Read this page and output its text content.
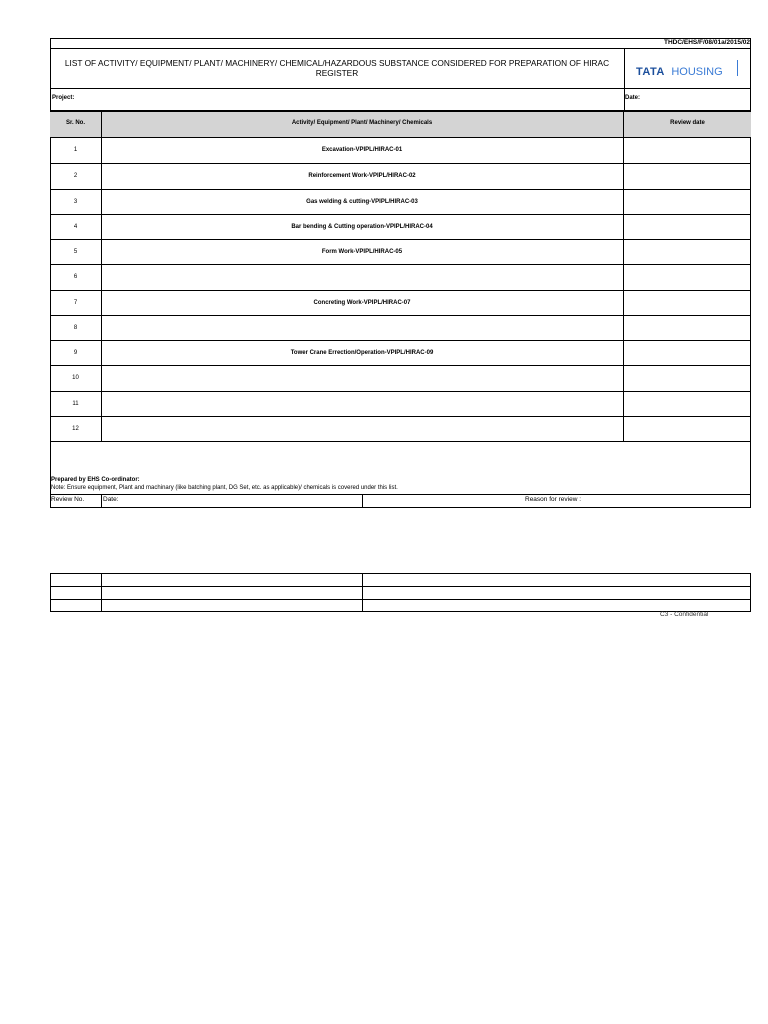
THDC/EHS/F/08/01a/2015/02
LIST OF ACTIVITY/ EQUIPMENT/ PLANT/ MACHINERY/ CHEMICAL/HAZARDOUS SUBSTANCE CONSIDERED FOR PREPARATION OF HIRAC
REGISTER	TATA HOUSING
Project:	Date:
Sr. No.	Activity/ Equipment/ Plant/ Machinery/ Chemicals	Review date
1	Excavation-VPIPL/HIRAC-01
2	Reinforcement Work-VPIPL/HIRAC-02
3	Gas welding & cutting-VPIPL/HIRAC-03
4	Bar bending & Cutting operation-VPIPL/HIRAC-04
5	Form Work-VPIPL/HIRAC-05
6
7	Concreting Work-VPIPL/HIRAC-07
8
9	Tower Crane Errection/Operation-VPIPL/HIRAC-09
10
11
12
Prepared by EHS Co-ordinator:
Note: Ensure equipment, Plant and machinary (like batching plant, DG Set, etc. as applicable)/ chemicals is covered under this list.
Review No.	Date:	Reason for review :
C3 - Confidential
